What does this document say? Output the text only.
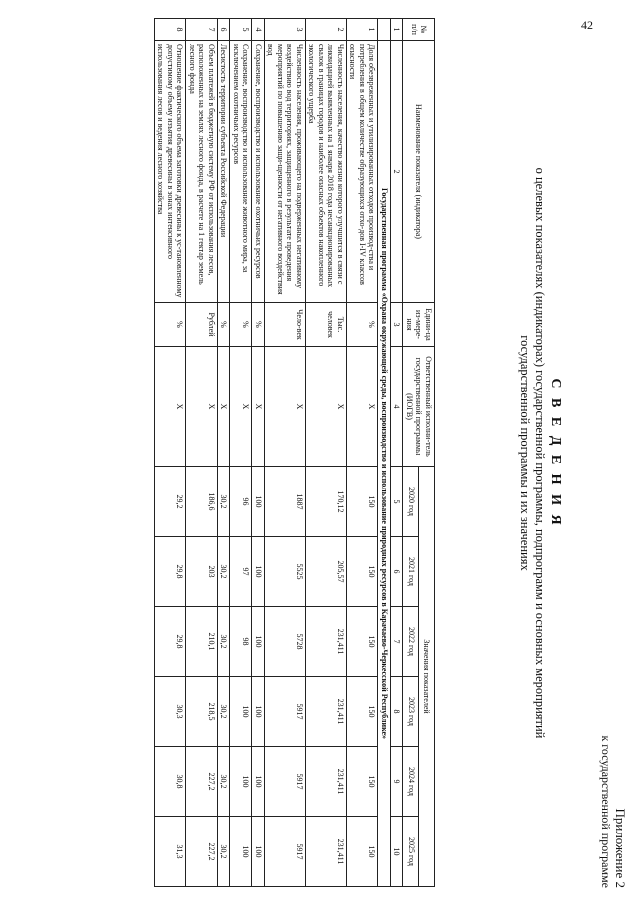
42
Приложение 2
к государственной программе
С В Е Д Е Н И Я
о целевых показателях (индикаторах) государственной программы, подпрограмм и основных мероприятий
государственной программы и их значениях
№ п/п	Наименование показателя (индикатора)	Едини-ца из-мере-ния	Ответственный исполни-тель государственной программы (ИОГВ)	Значения показателей					
				2020 год	2021 год	2022 год	2023 год	2024 год	2025 год
1	2	3	4	5	6	7	8	9	10
	Государственная программа «Охрана окружающей среды, воспроизводство и использование природных ресурсов в Карачаево-Черкесской Республике»								
1	Доля обезвреженных и утилизированных отходов производ-ства и потребления в общем количестве образующихся отхо-дов I-IV классов опасности	%	Х	150	150	150	150	150	150
2	Численность населения, качество жизни которого улучшится в связи с ликвидацией выявленных на 1 января 2018 года несанкционированных свалок в границах городов и наиболее опасных объектов накопленного экологического ущерба	Тыс. человек	Х	170,12	205,57	231,411	231,411	231,411	231,411
3	Численность населения, проживающего на подверженных негативному воздействию вод территориях, защищенного в результате проведения мероприятий по повышению защи-щенности от негативного воздействия вод	Чело-век	Х	1887	5525	5728	5917	5917	5917
4	Сохранение, воспроизводство и использование охотничьих ресурсов	%	Х	100	100	100	100	100	100
5	Сохранение, воспроизводство и использование животного мира, за исключением охотничьих ресурсов	%	Х	96	97	98	100	100	100
6	Лесистость территории субъекта Российской Федерации	%	Х	30,2	30,2	30,2	30,2	30,2	30,2
7	Объем платежей в бюджетную систему РФ от использования лесов, расположенных на землях лесного фонда, в расчете на 1 гектар земель лесного фонда	Рублей	Х	186,6	203	210,1	218,5	227,2	227,2
8	Отношение фактического объема заготовки древесины к ус-тановленному допустимому объему изъятия древесины в зонах интенсивного использования лесов и ведения лесного хозяйства	%	Х	29,2	29,8	29,8	30,3	30,8	31,3
